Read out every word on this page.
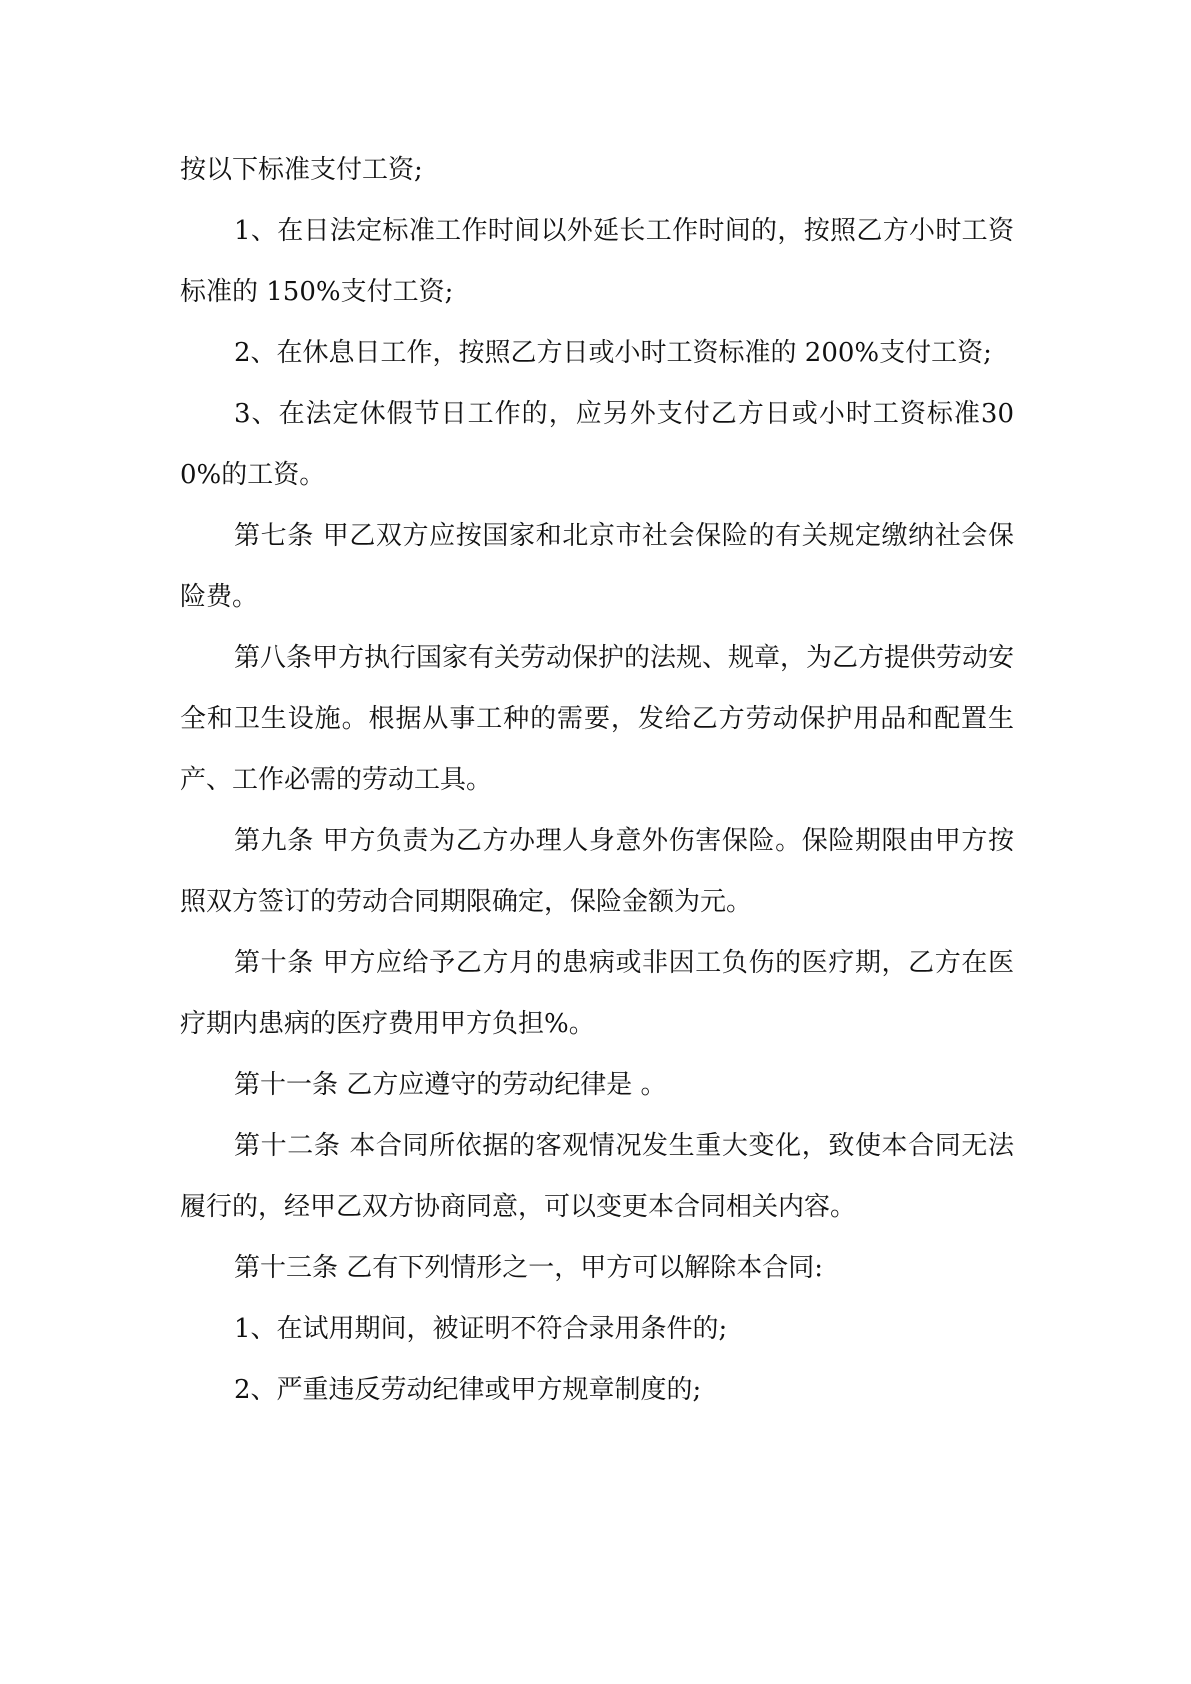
按以下标准支付工资;

1、在日法定标准工作时间以外延长工作时间的，按照乙方小时工资标准的 150%支付工资;

2、在休息日工作，按照乙方日或小时工资标准的 200%支付工资;

3、在法定休假节日工作的，应另外支付乙方日或小时工资标准300%的工资。

第七条 甲乙双方应按国家和北京市社会保险的有关规定缴纳社会保险费。

第八条甲方执行国家有关劳动保护的法规、规章，为乙方提供劳动安全和卫生设施。根据从事工种的需要，发给乙方劳动保护用品和配置生产、工作必需的劳动工具。

第九条 甲方负责为乙方办理人身意外伤害保险。保险期限由甲方按照双方签订的劳动合同期限确定，保险金额为元。

第十条 甲方应给予乙方月的患病或非因工负伤的医疗期，乙方在医疗期内患病的医疗费用甲方负担%。

第十一条 乙方应遵守的劳动纪律是 。

第十二条 本合同所依据的客观情况发生重大变化，致使本合同无法履行的，经甲乙双方协商同意，可以变更本合同相关内容。

第十三条 乙有下列情形之一，甲方可以解除本合同:

1、在试用期间，被证明不符合录用条件的;

2、严重违反劳动纪律或甲方规章制度的;
